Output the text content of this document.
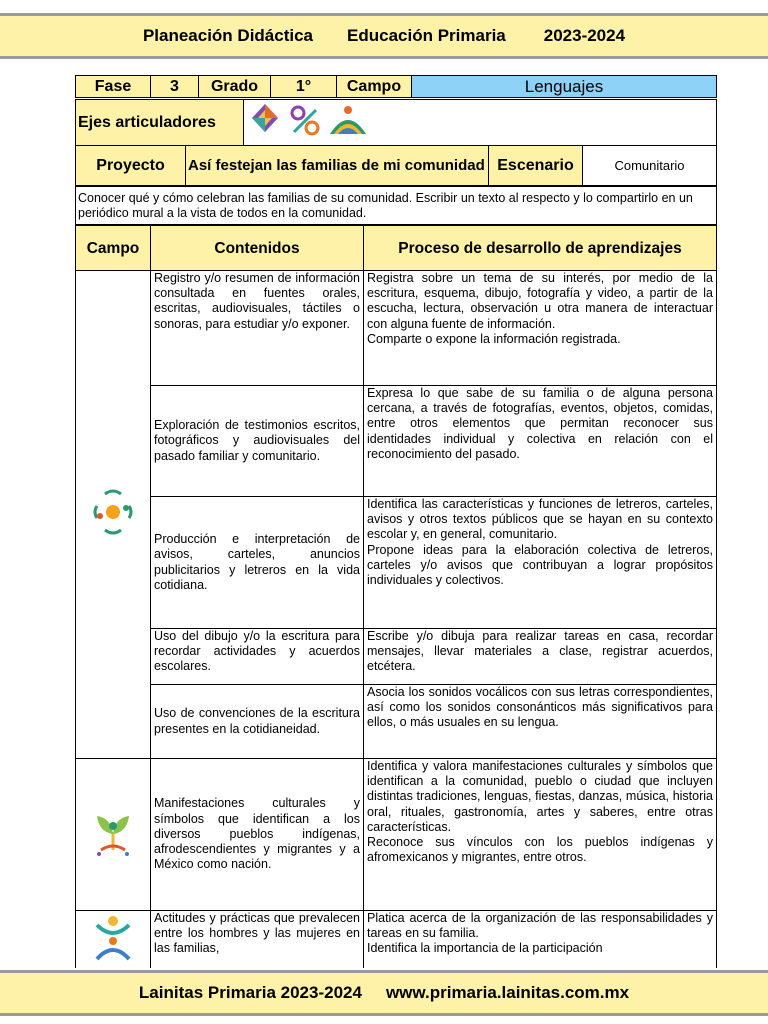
Planeación Didáctica Educación Primaria 2023-2024
Fase	3	Grado	1°	Campo	Lenguajes
Ejes articuladores	
Proyecto	Así festejan las familias de mi comunidad	Escenario	Comunitario
Conocer qué y cómo celebran las familias de su comunidad. Escribir un texto al respecto y lo compartirlo en un periódico mural a la vista de todos en la comunidad.
Campo	Contenidos	Proceso de desarrollo de aprendizajes
	Registro y/o resumen de información consultada en fuentes orales, escritas, audiovisuales, táctiles o sonoras, para estudiar y/o exponer.	Registra sobre un tema de su interés, por medio de la escritura, esquema, dibujo, fotografía y video, a partir de la escucha, lectura, observación u otra manera de interactuar con alguna fuente de información.
Comparte o expone la información registrada.

	Exploración de testimonios escritos, fotográficos y audiovisuales del pasado familiar y comunitario.	Expresa lo que sabe de su familia o de alguna persona cercana, a través de fotografías, eventos, objetos, comidas, entre otros elementos que permitan reconocer sus identidades individual y colectiva en relación con el reconocimiento del pasado.

	Producción e interpretación de avisos, carteles, anuncios publicitarios y letreros en la vida cotidiana.	Identifica las características y funciones de letreros, carteles, avisos y otros textos públicos que se hayan en su contexto escolar y, en general, comunitario.
Propone ideas para la elaboración colectiva de letreros, carteles y/o avisos que contribuyan a lograr propósitos individuales y colectivos.

	Uso del dibujo y/o la escritura para recordar actividades y acuerdos escolares.	Escribe y/o dibuja para realizar tareas en casa, recordar mensajes, llevar materiales a clase, registrar acuerdos, etcétera.

	Uso de convenciones de la escritura presentes en la cotidianeidad.	Asocia los sonidos vocálicos con sus letras correspondientes, así como los sonidos consonánticos más significativos para ellos, o más usuales en su lengua.

	Manifestaciones culturales y símbolos que identifican a los diversos pueblos indígenas, afrodescendientes y migrantes y a México como nación.	Identifica y valora manifestaciones culturales y símbolos que identifican a la comunidad, pueblo o ciudad que incluyen distintas tradiciones, lenguas, fiestas, danzas, música, historia oral, rituales, gastronomía, artes y saberes, entre otras características.
Reconoce sus vínculos con los pueblos indígenas y afromexicanos y migrantes, entre otros.

	Actitudes y prácticas que prevalecen entre los hombres y las mujeres en las familias,	Platica acerca de la organización de las responsabilidades y tareas en su familia.
Identifica la importancia de la participación
Lainitas Primaria 2023-2024 www.primaria.lainitas.com.mx
